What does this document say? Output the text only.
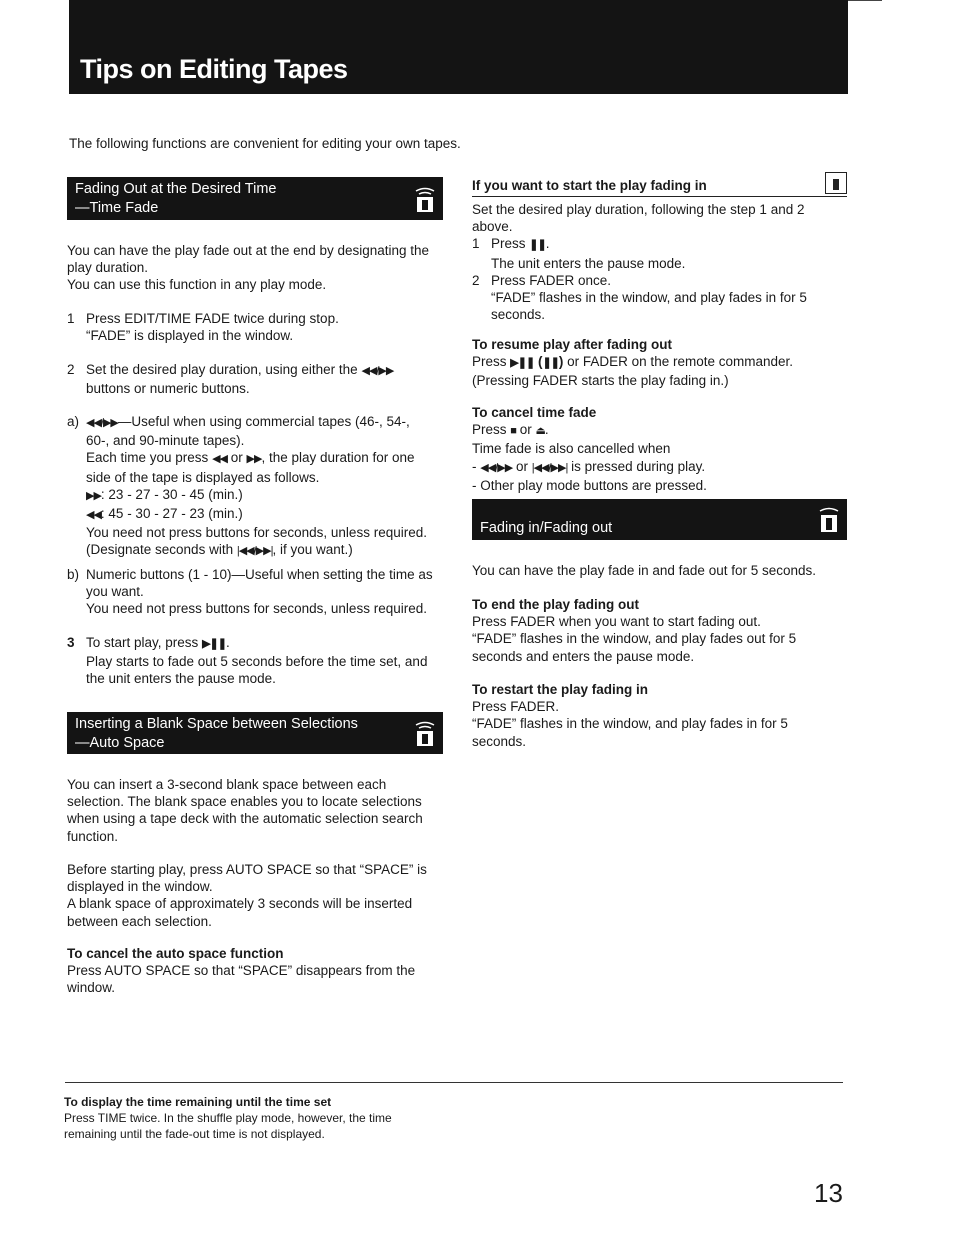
Tips on Editing Tapes
The following functions are convenient for editing your own tapes.
Fading Out at the Desired Time
—Time Fade
You can have the play fade out at the end by designating the play duration.
You can use this function in any play mode.
1 Press EDIT/TIME FADE twice during stop.
“FADE” is displayed in the window.
2 Set the desired play duration, using either the ◀◀/▶▶
buttons or numeric buttons.
a) ◀◀/▶▶—Useful when using commercial tapes (46-, 54-,
60-, and 90-minute tapes).
Each time you press ◀◀ or ▶▶, the play duration for one
side of the tape is displayed as follows.
▶▶: 23 - 27 - 30 - 45 (min.)
◀◀: 45 - 30 - 27 - 23 (min.)
You need not press buttons for seconds, unless required.
(Designate seconds with |◀◀/▶▶|, if you want.)
b) Numeric buttons (1 - 10)—Useful when setting the time as
you want.
You need not press buttons for seconds, unless required.
3 To start play, press ▶❚❚.
Play starts to fade out 5 seconds before the time set, and
the unit enters the pause mode.
Inserting a Blank Space between Selections
—Auto Space
You can insert a 3-second blank space between each
selection. The blank space enables you to locate selections
when using a tape deck with the automatic selection search
function.
Before starting play, press AUTO SPACE so that “SPACE” is
displayed in the window.
A blank space of approximately 3 seconds will be inserted
between each selection.
To cancel the auto space function
Press AUTO SPACE so that “SPACE” disappears from the
window.
If you want to start the play fading in
Set the desired play duration, following the step 1 and 2
above.
1 Press ❚❚.
The unit enters the pause mode.
2 Press FADER once.
“FADE” flashes in the window, and play fades in for 5
seconds.
To resume play after fading out
Press ▶❚❚ (❚❚) or FADER on the remote commander.
(Pressing FADER starts the play fading in.)
To cancel time fade
Press ■ or ⏏.
Time fade is also cancelled when
- ◀◀/▶▶ or |◀◀/▶▶| is pressed during play.
- Other play mode buttons are pressed.
Fading in/Fading out
You can have the play fade in and fade out for 5 seconds.
To end the play fading out
Press FADER when you want to start fading out.
“FADE” flashes in the window, and play fades out for 5
seconds and enters the pause mode.
To restart the play fading in
Press FADER.
“FADE” flashes in the window, and play fades in for 5
seconds.
To display the time remaining until the time set
Press TIME twice. In the shuffle play mode, however, the time
remaining until the fade-out time is not displayed.
13
